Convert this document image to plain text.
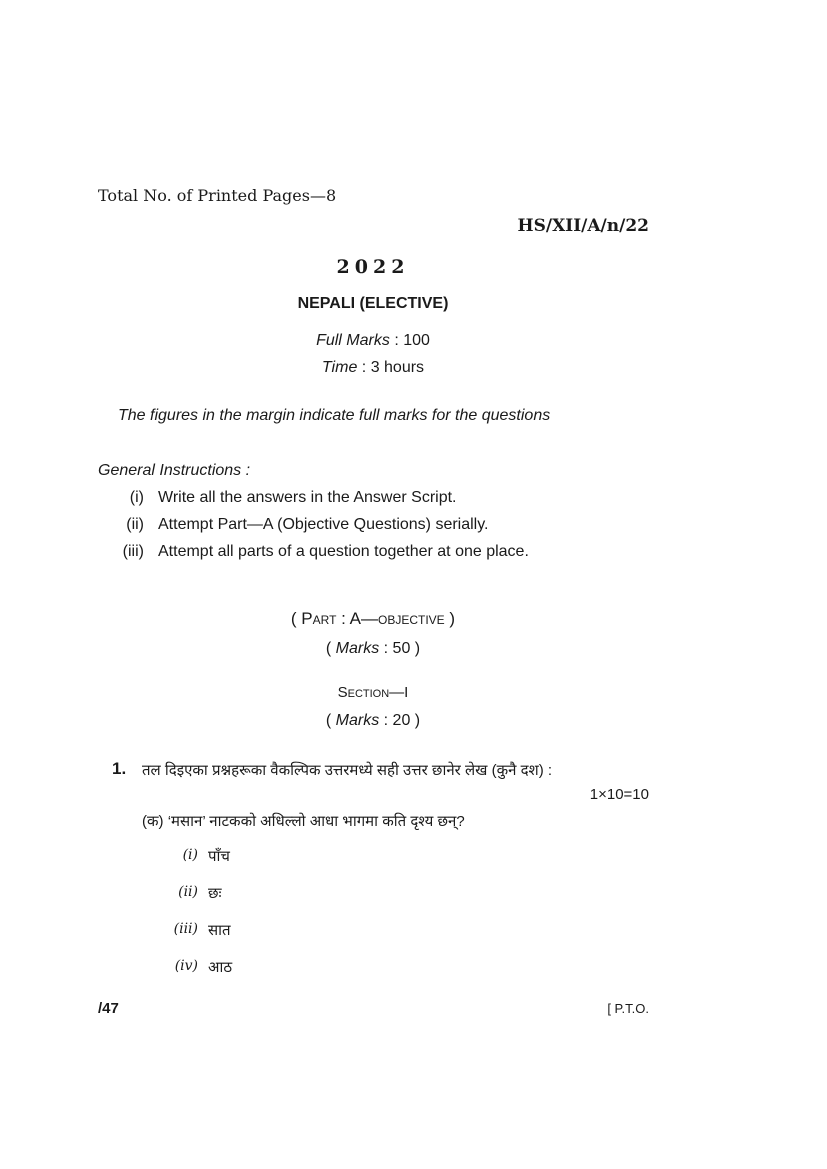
Total No. of Printed Pages—8
HS/XII/A/n/22
2022
NEPALI (ELECTIVE)
Full Marks : 100
Time : 3 hours
The figures in the margin indicate full marks for the questions
General Instructions :
(i) Write all the answers in the Answer Script.
(ii) Attempt Part—A (Objective Questions) serially.
(iii) Attempt all parts of a question together at one place.
( Part : A—objective )
( Marks : 50 )
Section—I
( Marks : 20 )
1. तल दिइएका प्रश्नहरूका वैकल्पिक उत्तरमध्ये सही उत्तर छानेर लेख (कुनै दश) :
1×10=10
(क) ‘मसान’ नाटकको अधिल्लो आधा भागमा कति दृश्य छन्?
(i) पाँच
(ii) छः
(iii) सात
(iv) आठ
/47	[ P.T.O.
